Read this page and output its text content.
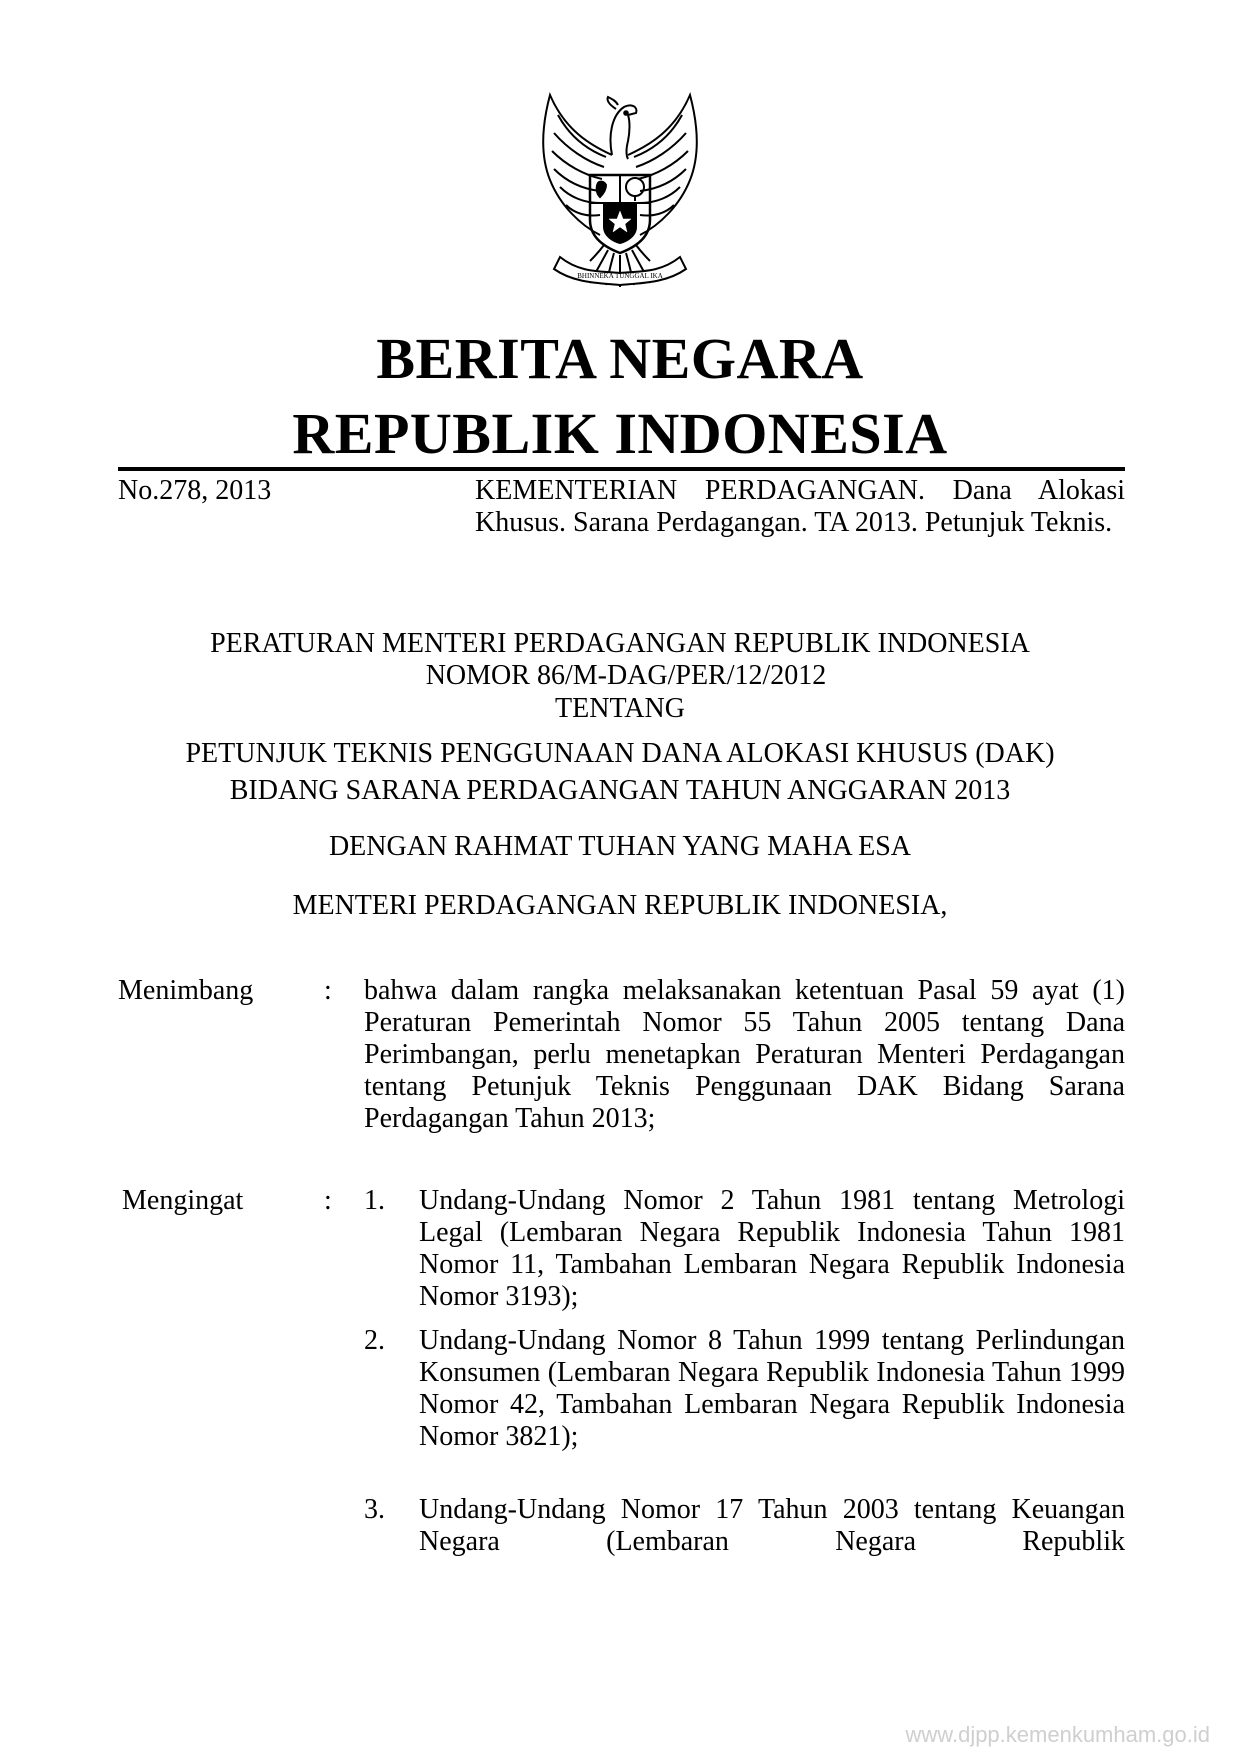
BHINNEKA TUNGGAL IKA
BERITA NEGARA
REPUBLIK INDONESIA
No.278, 2013	KEMENTERIAN PERDAGANGAN. Dana Alokasi Khusus. Sarana Perdagangan. TA 2013. Petunjuk Teknis.
PERATURAN MENTERI PERDAGANGAN REPUBLIK INDONESIA
NOMOR 86/M-DAG/PER/12/2012
TENTANG
PETUNJUK TEKNIS PENGGUNAAN DANA ALOKASI KHUSUS (DAK)
BIDANG SARANA PERDAGANGAN TAHUN ANGGARAN 2013
DENGAN RAHMAT TUHAN YANG MAHA ESA
MENTERI PERDAGANGAN REPUBLIK INDONESIA,
Menimbang	: bahwa dalam rangka melaksanakan ketentuan Pasal 59 ayat (1) Peraturan Pemerintah Nomor 55 Tahun 2005 tentang Dana Perimbangan, perlu menetapkan Peraturan Menteri Perdagangan tentang Petunjuk Teknis Penggunaan DAK Bidang Sarana Perdagangan Tahun 2013;
Mengingat	: 1.	Undang-Undang Nomor 2 Tahun 1981 tentang Metrologi Legal (Lembaran Negara Republik Indonesia Tahun 1981 Nomor 11, Tambahan Lembaran Negara Republik Indonesia Nomor 3193);
2.	Undang-Undang Nomor 8 Tahun 1999 tentang Perlindungan Konsumen (Lembaran Negara Republik Indonesia Tahun 1999 Nomor 42, Tambahan Lembaran Negara Republik Indonesia Nomor 3821);
3.	Undang-Undang Nomor 17 Tahun 2003 tentang Keuangan Negara (Lembaran Negara Republik
www.djpp.kemenkumham.go.id
